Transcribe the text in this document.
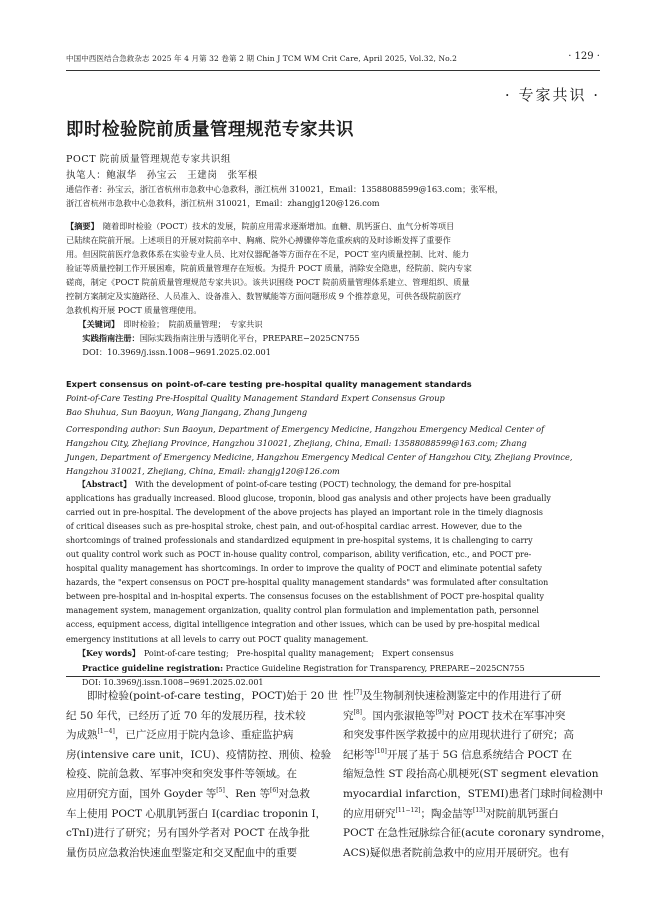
中国中西医结合急救杂志 2025 年 4 月第 32 卷第 2 期 Chin J TCM WM Crit Care, April 2025, Vol.32, No.2	· 129 ·
· 专家共识 ·
即时检验院前质量管理规范专家共识
POCT 院前质量管理规范专家共识组
执笔人：鲍淑华　孙宝云　王建岗　张军根
通信作者：孙宝云，浙江省杭州市急救中心急救科，浙江杭州 310021，Email：13588088599@163.com；张军根，
浙江省杭州市急救中心急救科，浙江杭州 310021，Email：zhangjg120@126.com
【摘要】　 随着即时检验（POCT）技术的发展，院前应用需求逐渐增加。血糖、肌钙蛋白、血气分析等项目
已陆续在院前开展。上述项目的开展对院前卒中、胸痛、院外心搏骤停等危重疾病的及时诊断发挥了重要作
用。但因院前医疗急救体系在实验专业人员、比对仪器配备等方面存在不足，POCT 室内质量控制、比对、能力
验证等质量控制工作开展困难，院前质量管理存在短板。为提升 POCT 质量，消除安全隐患，经院前、院内专家
磋商，制定《POCT 院前质量管理规范专家共识》。该共识围绕 POCT 院前质量管理体系建立、管理组织、质量
控制方案制定及实施路径、人员准入、设备准入、数智赋能等方面问题形成 9 个推荐意见，可供各级院前医疗
急救机构开展 POCT 质量管理使用。
　　【关键词】　 即时检验；　院前质量管理；　专家共识
　　实践指南注册：国际实践指南注册与透明化平台，PREPARE−2025CN755
　　DOI：10.3969/j.issn.1008−9691.2025.02.001
Expert consensus on point-of-care testing pre-hospital quality management standards
Point-of-Care Testing Pre-Hospital Quality Management Standard Expert Consensus Group
Bao Shuhua, Sun Baoyun, Wang Jiangang, Zhang Jungeng
Corresponding author: Sun Baoyun, Department of Emergency Medicine, Hangzhou Emergency Medical Center of
Hangzhou City, Zhejiang Province, Hangzhou 310021, Zhejiang, China, Email: 13588088599@163.com; Zhang
Jungen, Department of Emergency Medicine, Hangzhou Emergency Medical Center of Hangzhou City, Zhejiang Province,
Hangzhou 310021, Zhejiang, China, Email: zhangjg120@126.com
　　【Abstract】　 With the development of point-of-care testing (POCT) technology, the demand for pre-hospital
applications has gradually increased. Blood glucose, troponin, blood gas analysis and other projects have been gradually
carried out in pre-hospital. The development of the above projects has played an important role in the timely diagnosis
of critical diseases such as pre-hospital stroke, chest pain, and out-of-hospital cardiac arrest. However, due to the
shortcomings of trained professionals and standardized equipment in pre-hospital systems, it is challenging to carry
out quality control work such as POCT in-house quality control, comparison, ability verification, etc., and POCT pre-
hospital quality management has shortcomings. In order to improve the quality of POCT and eliminate potential safety
hazards, the "expert consensus on POCT pre-hospital quality management standards" was formulated after consultation
between pre-hospital and in-hospital experts. The consensus focuses on the establishment of POCT pre-hospital quality
management system, management organization, quality control plan formulation and implementation path, personnel
access, equipment access, digital intelligence integration and other issues, which can be used by pre-hospital medical
emergency institutions at all levels to carry out POCT quality management.
　　【Key words】　 Point-of-care testing;　Pre-hospital quality management;　Expert consensus
　　Practice guideline registration: Practice Guideline Registration for Transparency, PREPARE−2025CN755
　　DOI: 10.3969/j.issn.1008−9691.2025.02.001
　　即时检验(point-of-care testing，POCT)始于 20 世
纪 50 年代，已经历了近 70 年的发展历程，技术较
为成熟[1−4]，已广泛应用于院内急诊、重症监护病
房(intensive care unit，ICU)、疫情防控、刑侦、检验
检疫、院前急救、军事冲突和突发事件等领域。在
应用研究方面，国外 Goyder 等[5]、Ren 等[6]对急救
车上使用 POCT 心肌肌钙蛋白 I(cardiac troponin I，
cTnI)进行了研究；另有国外学者对 POCT 在战争批
量伤员应急救治快速血型鉴定和交叉配血中的重要
性[7]及生物制剂快速检测鉴定中的作用进行了研
究[8]。国内张淑艳等[9]对 POCT 技术在军事冲突
和突发事件医学救援中的应用现状进行了研究；高
纪彬等[10]开展了基于 5G 信息系统结合 POCT 在
缩短急性 ST 段抬高心肌梗死(ST segment elevation
myocardial infarction，STEMI)患者门球时间检测中
的应用研究[11−12]；陶金喆等[13]对院前肌钙蛋白
POCT 在急性冠脉综合征(acute coronary syndrome，
ACS)疑似患者院前急救中的应用开展研究。也有
